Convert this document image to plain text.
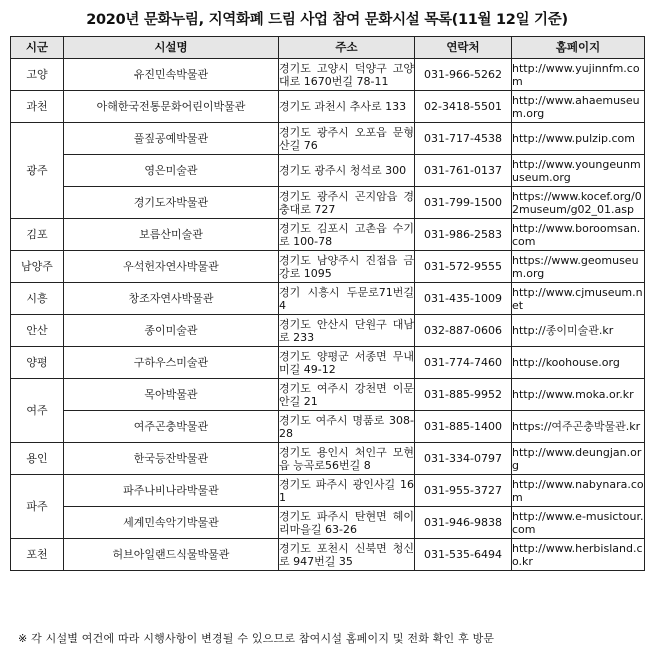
2020년 문화누림, 지역화폐 드림 사업 참여 문화시설 목록(11월 12일 기준)
시군	시설명	주소	연락처	홈페이지
고양	유진민속박물관	경기도 고양시 덕양구 고양대로 1670번길 78-11	031-966-5262	http://www.yujinnfm.com
과천	아해한국전통문화어린이박물관	경기도 과천시 추사로 133	02-3418-5501	http://www.ahaemuseum.org
광주	풀짚공예박물관	경기도 광주시 오포읍 문형산길 76	031-717-4538	http://www.pulzip.com
	영은미술관	경기도 광주시 청석로 300	031-761-0137	http://www.youngeunmuseum.org
	경기도자박물관	경기도 광주시 곤지암읍 경충대로 727	031-799-1500	https://www.kocef.org/02museum/g02_01.asp
김포	보름산미술관	경기도 김포시 고촌읍 수기로 100-78	031-986-2583	http://www.boroomsan.com
남양주	우석헌자연사박물관	경기도 남양주시 진접읍 금강로 1095	031-572-9555	https://www.geomuseum.org
시흥	창조자연사박물관	경기 시흥시 두문로71번길 4	031-435-1009	http://www.cjmuseum.net
안산	종이미술관	경기도 안산시 단원구 대남로 233	032-887-0606	http://종이미술관.kr
양평	구하우스미술관	경기도 양평군 서종면 무내미길 49-12	031-774-7460	http://koohouse.org
여주	목아박물관	경기도 여주시 강천면 이문안길 21	031-885-9952	http://www.moka.or.kr
	여주곤충박물관	경기도 여주시 명품로 308-28	031-885-1400	https://여주곤충박물관.kr
용인	한국등잔박물관	경기도 용인시 처인구 모현읍 능곡로56번길 8	031-334-0797	http://www.deungjan.org
파주	파주나비나라박물관	경기도 파주시 광인사길 161	031-955-3727	http://www.nabynara.com
	세계민속악기박물관	경기도 파주시 탄현면 헤이리마을길 63-26	031-946-9838	http://www.e-musictour.com
포천	허브아일랜드식물박물관	경기도 포천시 신북면 청신로 947번길 35	031-535-6494	http://www.herbisland.co.kr
※ 각 시설별 여건에 따라 시행사항이 변경될 수 있으므로 참여시설 홈페이지 및 전화 확인 후 방문
